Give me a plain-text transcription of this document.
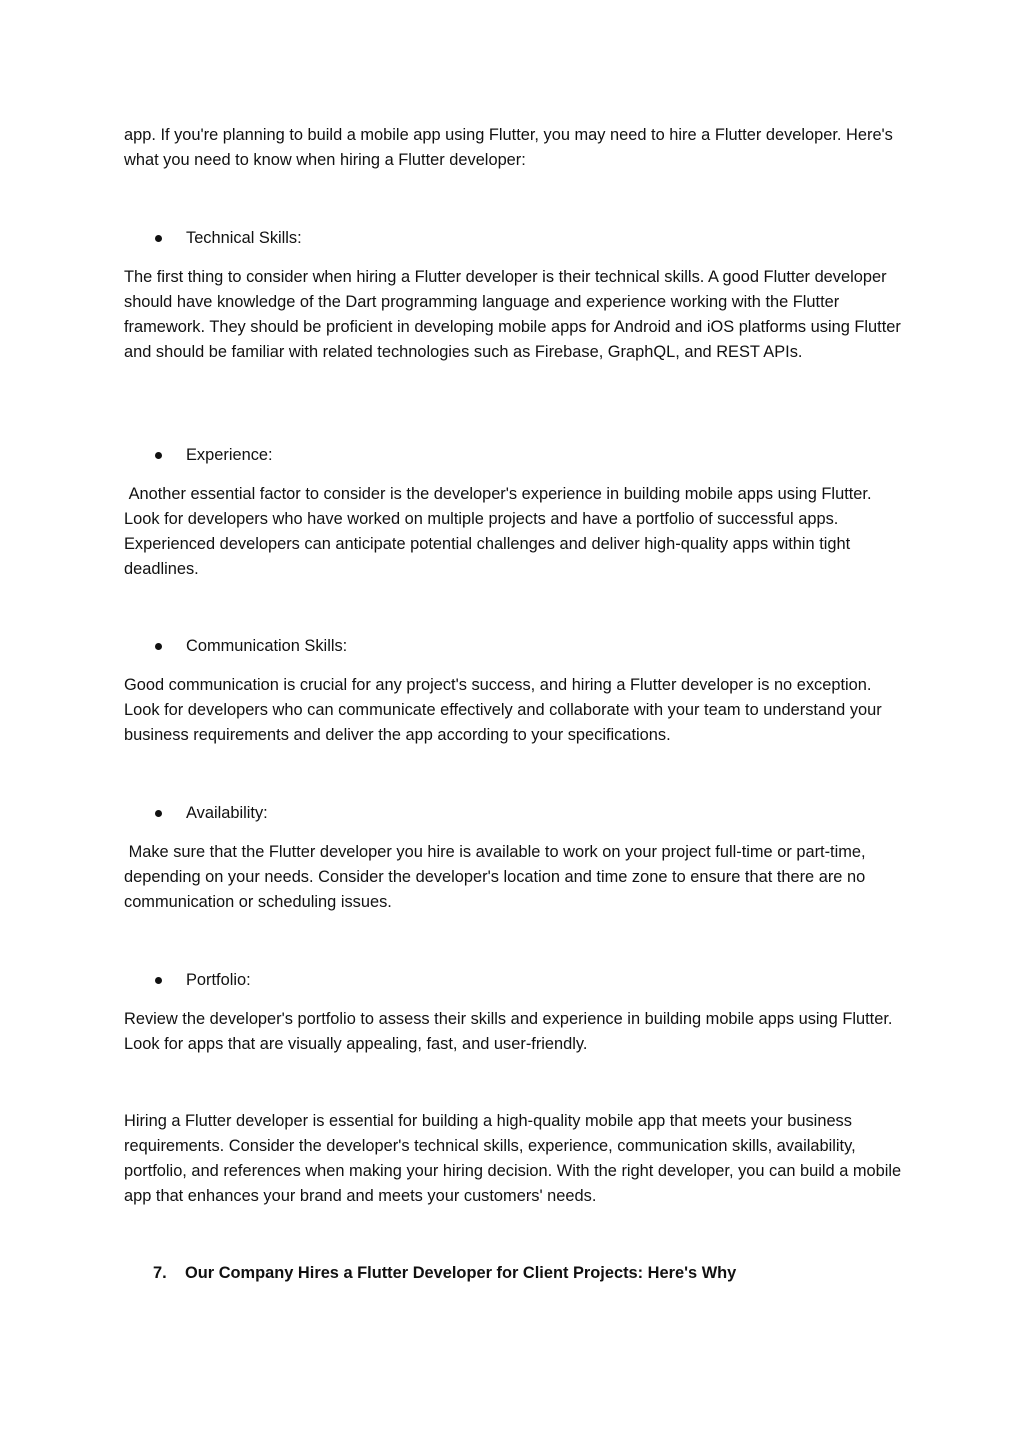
app. If you're planning to build a mobile app using Flutter, you may need to hire a Flutter developer. Here's what you need to know when hiring a Flutter developer:

Technical Skills:

The first thing to consider when hiring a Flutter developer is their technical skills. A good Flutter developer should have knowledge of the Dart programming language and experience working with the Flutter framework. They should be proficient in developing mobile apps for Android and iOS platforms using Flutter and should be familiar with related technologies such as Firebase, GraphQL, and REST APIs.

Experience:

Another essential factor to consider is the developer's experience in building mobile apps using Flutter. Look for developers who have worked on multiple projects and have a portfolio of successful apps. Experienced developers can anticipate potential challenges and deliver high-quality apps within tight deadlines.

Communication Skills:

Good communication is crucial for any project's success, and hiring a Flutter developer is no exception. Look for developers who can communicate effectively and collaborate with your team to understand your business requirements and deliver the app according to your specifications.

Availability:

Make sure that the Flutter developer you hire is available to work on your project full-time or part-time, depending on your needs. Consider the developer's location and time zone to ensure that there are no communication or scheduling issues.

Portfolio:

Review the developer's portfolio to assess their skills and experience in building mobile apps using Flutter. Look for apps that are visually appealing, fast, and user-friendly.

Hiring a Flutter developer is essential for building a high-quality mobile app that meets your business requirements. Consider the developer's technical skills, experience, communication skills, availability, portfolio, and references when making your hiring decision. With the right developer, you can build a mobile app that enhances your brand and meets your customers' needs.

7.	Our Company Hires a Flutter Developer for Client Projects: Here's Why
